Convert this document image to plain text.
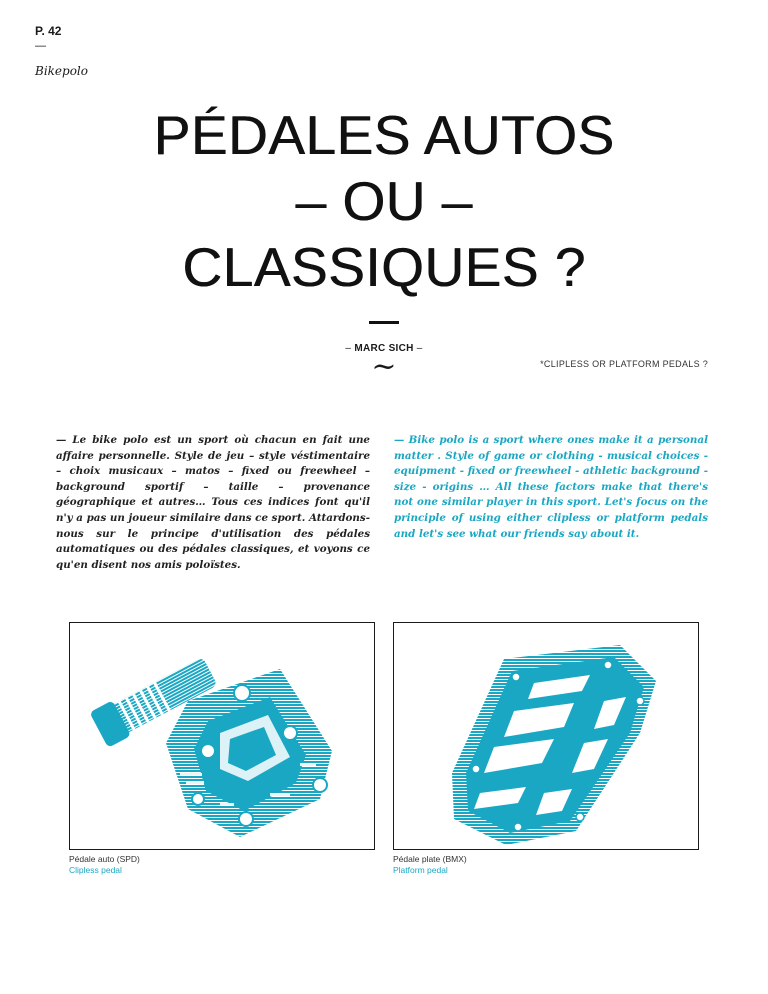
P. 42
—
Bikepolo
PÉDALES AUTOS
– OU –
CLASSIQUES ?
– MARC SICH –
~	*CLIPLESS OR PLATFORM PEDALS ?

— Le bike polo est un sport où chacun en fait une affaire personnelle. Style de jeu – style véstimentaire – choix musicaux – matos – fixed ou freewheel – background sportif – taille – provenance géographique et autres… Tous ces indices font qu'il n'y a pas un joueur similaire dans ce sport. Attardons-nous sur le principe d'utilisation des pédales automatiques ou des pédales classiques, et voyons ce qu'en disent nos amis poloïstes.

— Bike polo is a sport where ones make it a personal matter . Style of game or clothing - musical choices - equipment - fixed or freewheel - athletic background - size - origins … All these factors make that there's not one similar player in this sport. Let's focus on the principle of using either clipless or platform pedals and let's see what our friends say about it.

Pédale auto (SPD)
Clipless pedal
Pédale plate (BMX)
Platform pedal
